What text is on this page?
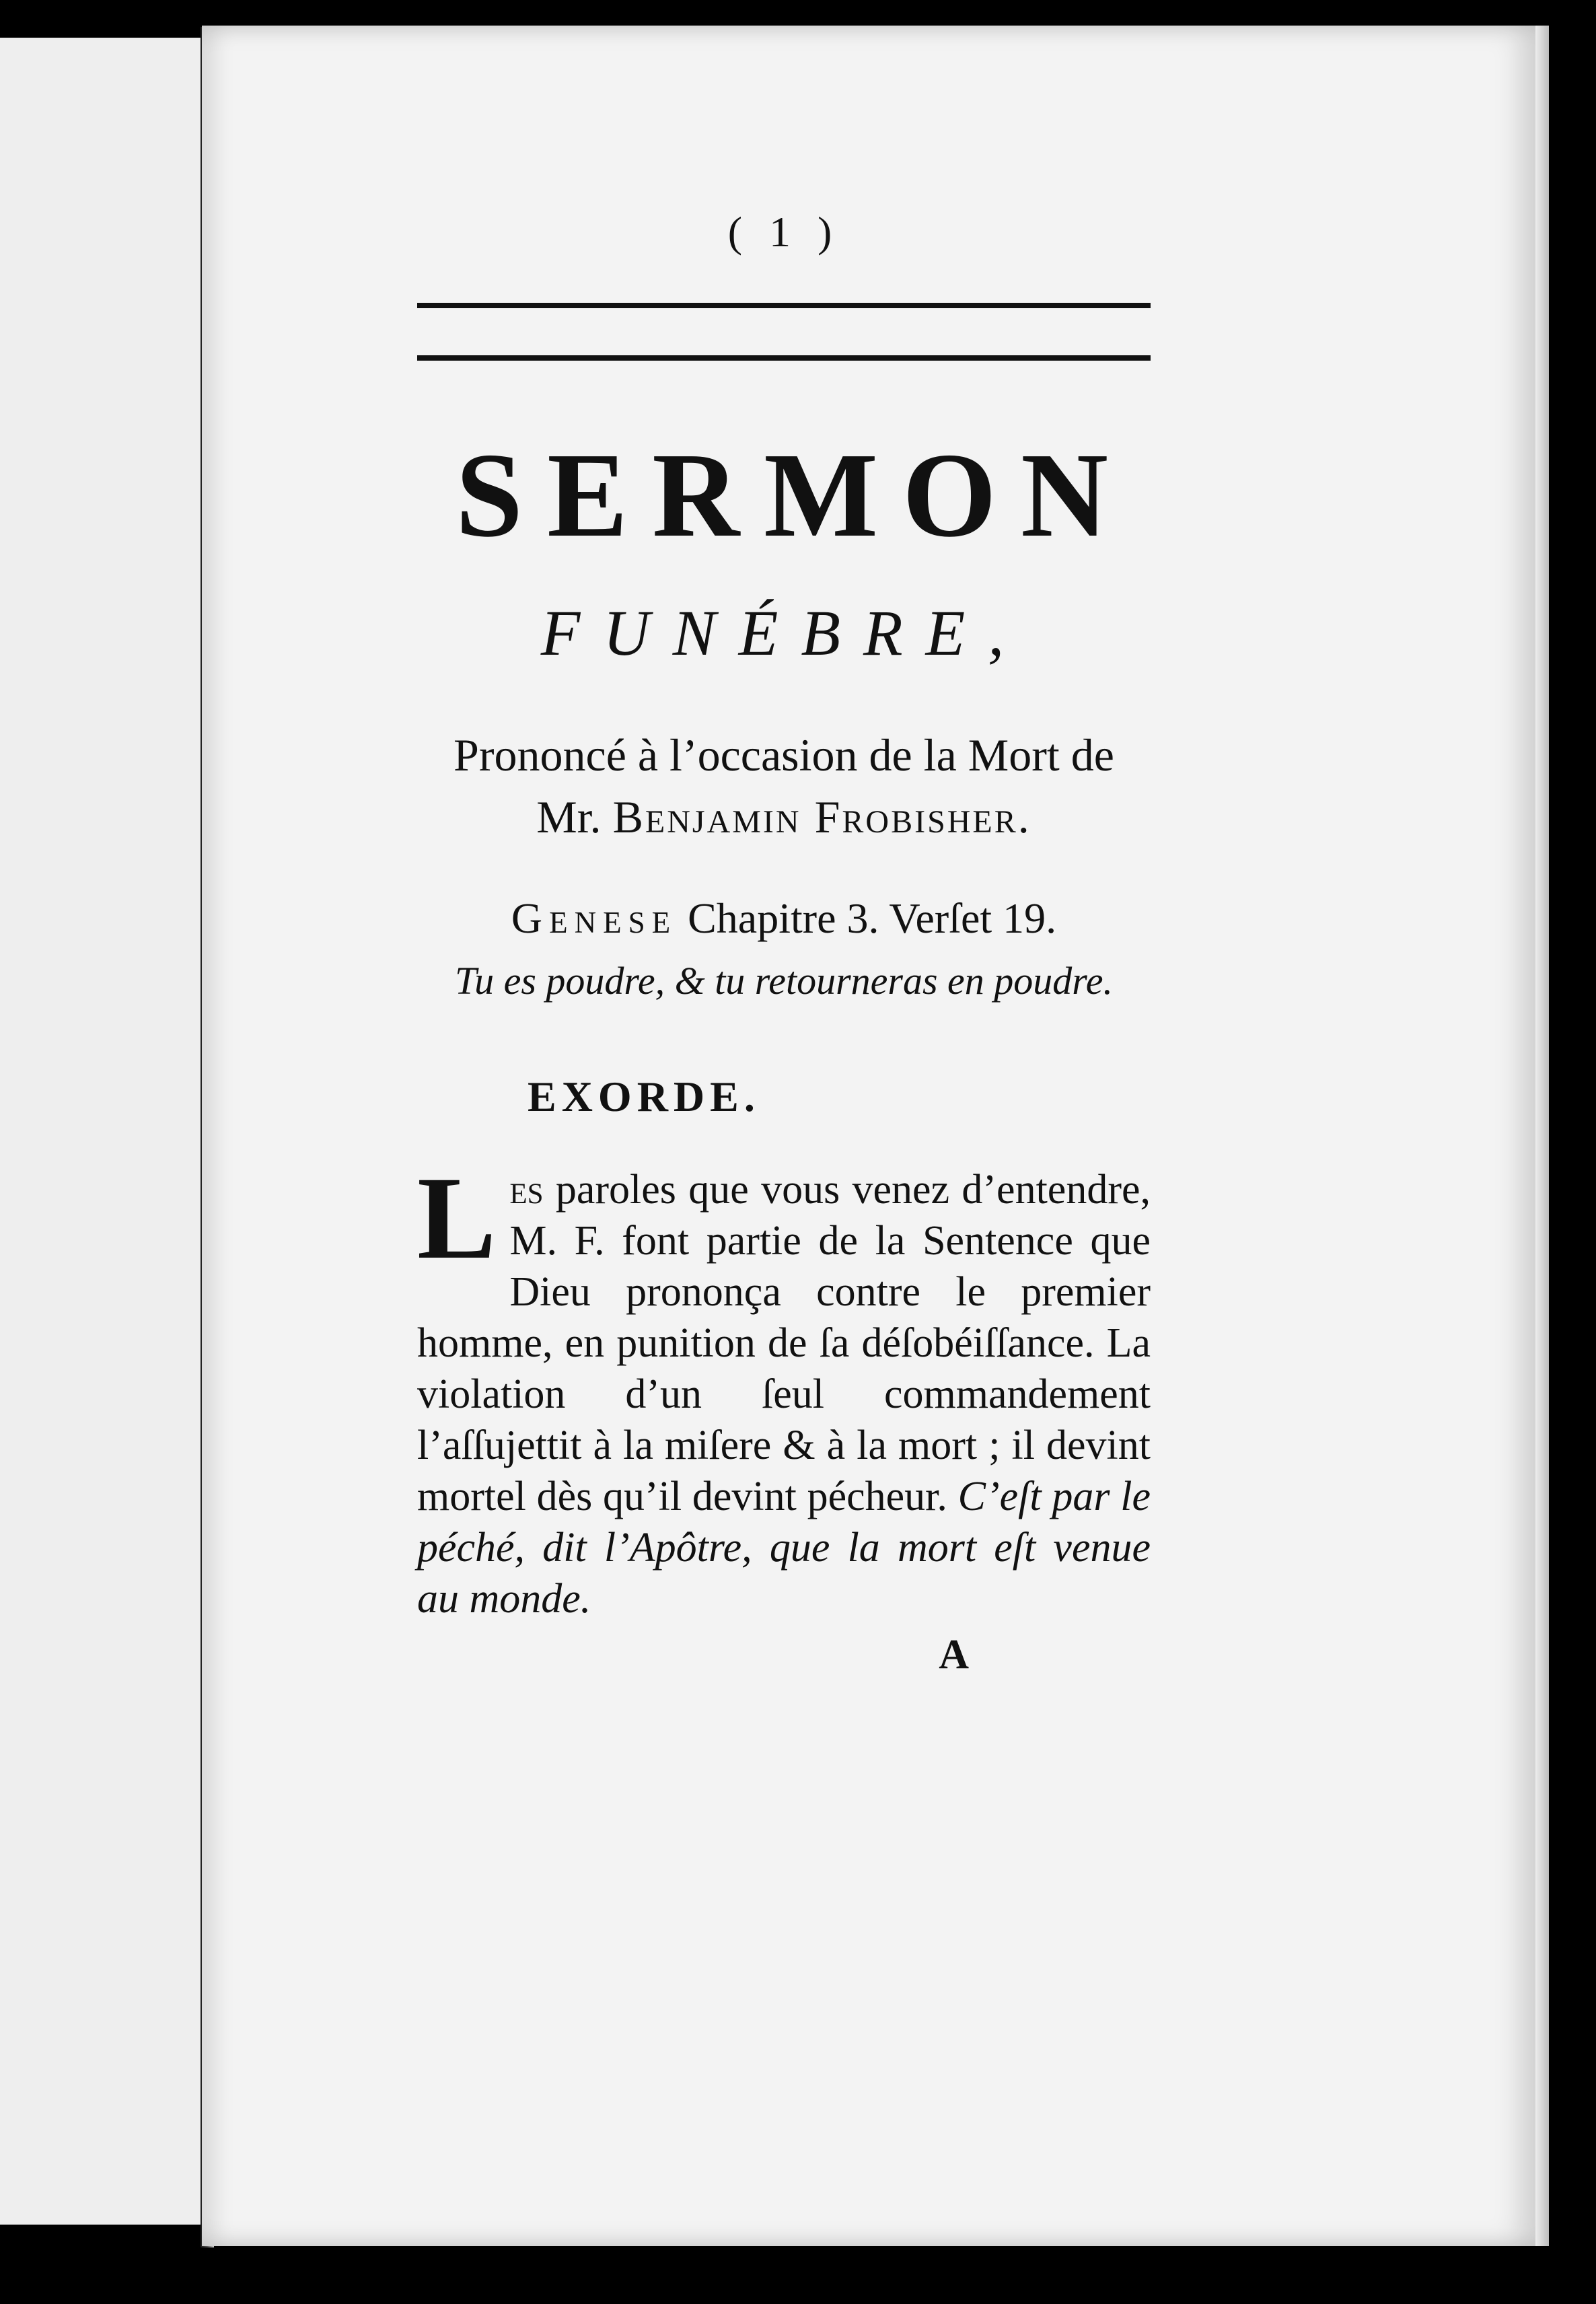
( 1 )
SERMON
FUNÉBRE,
Prononcé à l’occasion de la Mort de
Mr. Benjamin Frobisher.
Genese Chapitre 3. Verſet 19.
Tu es poudre, & tu retourneras en poudre.
EXORDE.
Les paroles que vous venez d’entendre, M. F. font partie de la Sentence que Dieu prononça contre le premier homme, en punition de ſa déſobéiſſance. La violation d’un ſeul commandement l’aſſujettit à la miſere & à la mort ; il devint mortel dès qu’il devint pécheur. C’eſt par le péché, dit l’Apôtre, que la mort eſt venue au monde.
A
